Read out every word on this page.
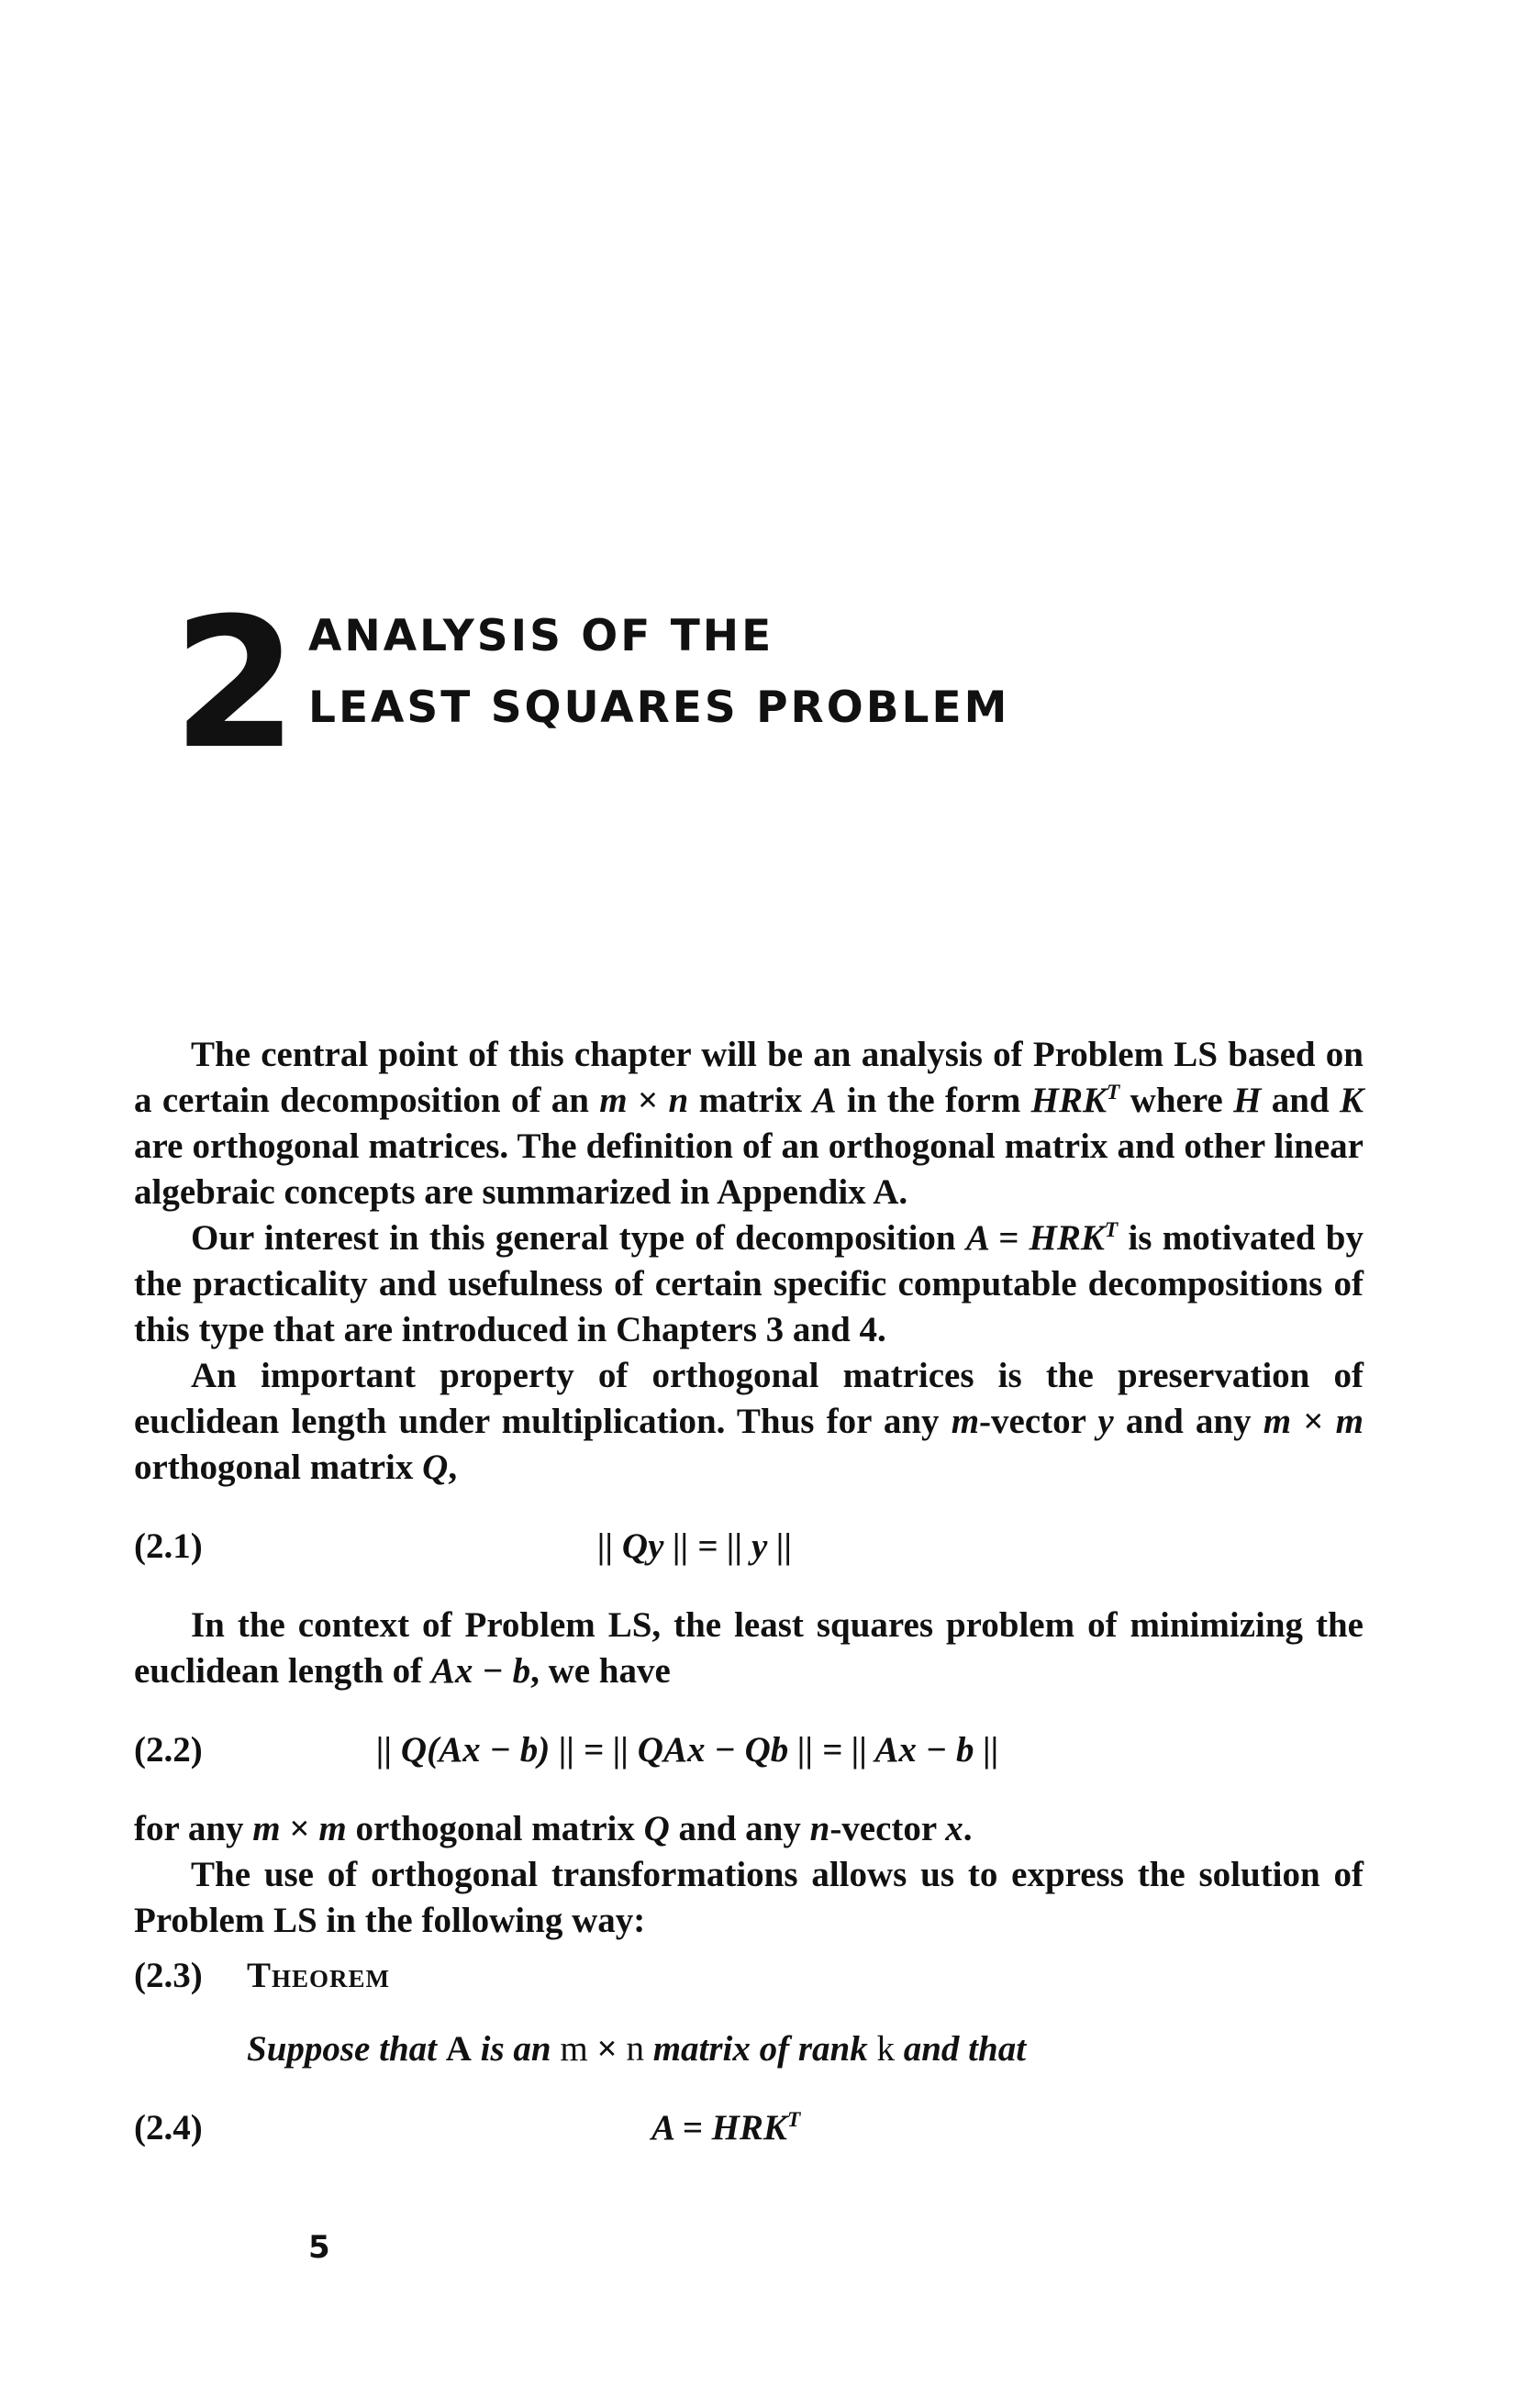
2 ANALYSIS OF THE
LEAST SQUARES PROBLEM

The central point of this chapter will be an analysis of Problem LS based on a certain decomposition of an m × n matrix A in the form $HRK^T$ where H and K are orthogonal matrices. The definition of an orthogonal matrix and other linear algebraic concepts are summarized in Appendix A.

Our interest in this general type of decomposition $A = HRK^T$ is motivated by the practicality and usefulness of certain specific computable decompositions of this type that are introduced in Chapters 3 and 4.

An important property of orthogonal matrices is the preservation of euclidean length under multiplication. Thus for any m-vector y and any m × m orthogonal matrix Q,

(2.1)	|| Qy || = || y ||

In the context of Problem LS, the least squares problem of minimizing the euclidean length of Ax − b, we have

(2.2)	|| Q(Ax − b) || = || QAx − Qb || = || Ax − b ||

for any m × m orthogonal matrix Q and any n-vector x.

The use of orthogonal transformations allows us to express the solution of Problem LS in the following way:

(2.3) Theorem
Suppose that A is an m × n matrix of rank k and that
(2.4)	$A = HRK^T$
5
